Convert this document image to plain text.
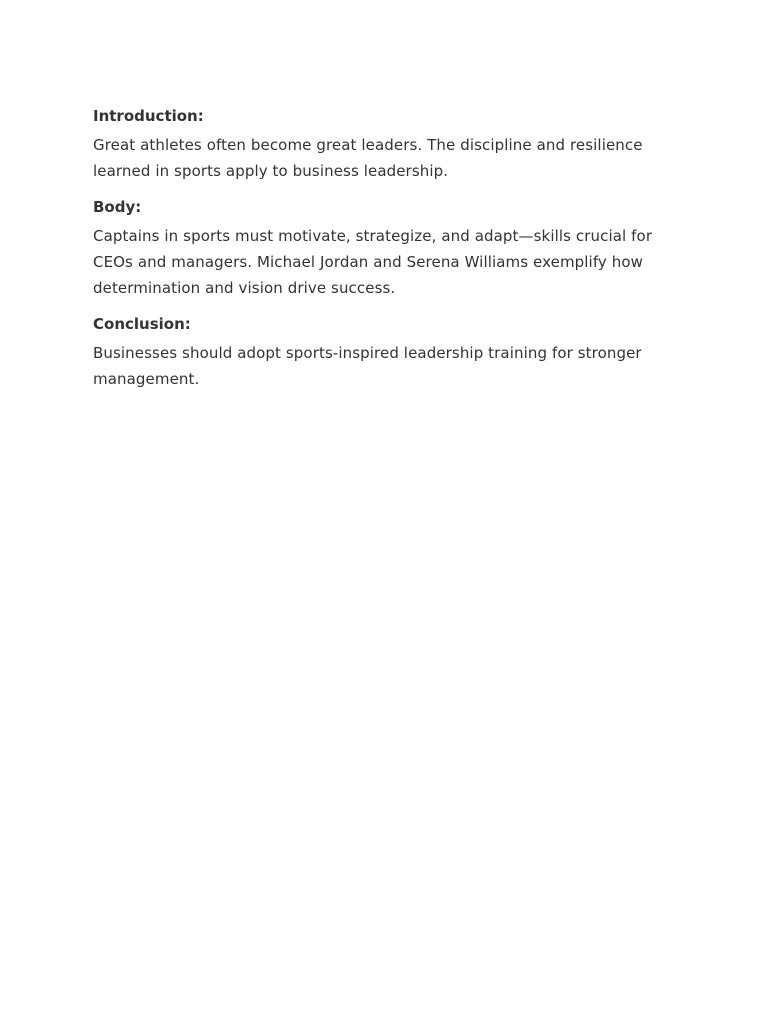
Introduction:

Great athletes often become great leaders. The discipline and resilience learned in sports apply to business leadership.

Body:

Captains in sports must motivate, strategize, and adapt—skills crucial for CEOs and managers. Michael Jordan and Serena Williams exemplify how determination and vision drive success.

Conclusion:

Businesses should adopt sports-inspired leadership training for stronger management.
